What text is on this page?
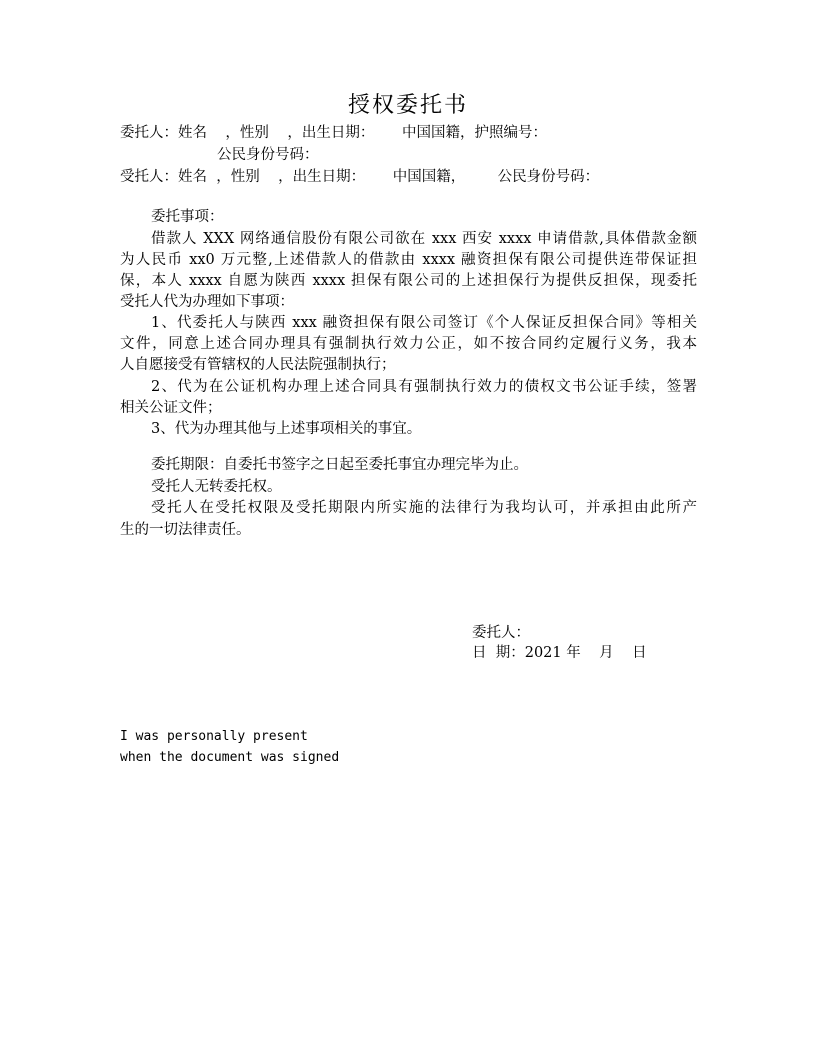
授权委托书
委托人：姓名    ，性别    ，出生日期：      中国国籍，护照编号：
公民身份号码：
受托人：姓名  ，性别    ，出生日期：      中国国籍，       公民身份号码：
委托事项：
借款人 XXX 网络通信股份有限公司欲在 xxx 西安 xxxx 申请借款,具体借款金额
为人民币 xx0 万元整,上述借款人的借款由 xxxx 融资担保有限公司提供连带保证担
保，本人 xxxx 自愿为陕西 xxxx 担保有限公司的上述担保行为提供反担保，现委托
受托人代为办理如下事项：
1、代委托人与陕西 xxx 融资担保有限公司签订《个人保证反担保合同》等相关
文件，同意上述合同办理具有强制执行效力公正，如不按合同约定履行义务，我本
人自愿接受有管辖权的人民法院强制执行；
2、代为在公证机构办理上述合同具有强制执行效力的债权文书公证手续，签署
相关公证文件；
3、代为办理其他与上述事项相关的事宜。
委托期限：自委托书签字之日起至委托事宜办理完毕为止。
受托人无转委托权。
受托人在受托权限及受托期限内所实施的法律行为我均认可，并承担由此所产
生的一切法律责任。
委托人：
日  期：2021 年    月    日
I was personally present
when the document was signed
